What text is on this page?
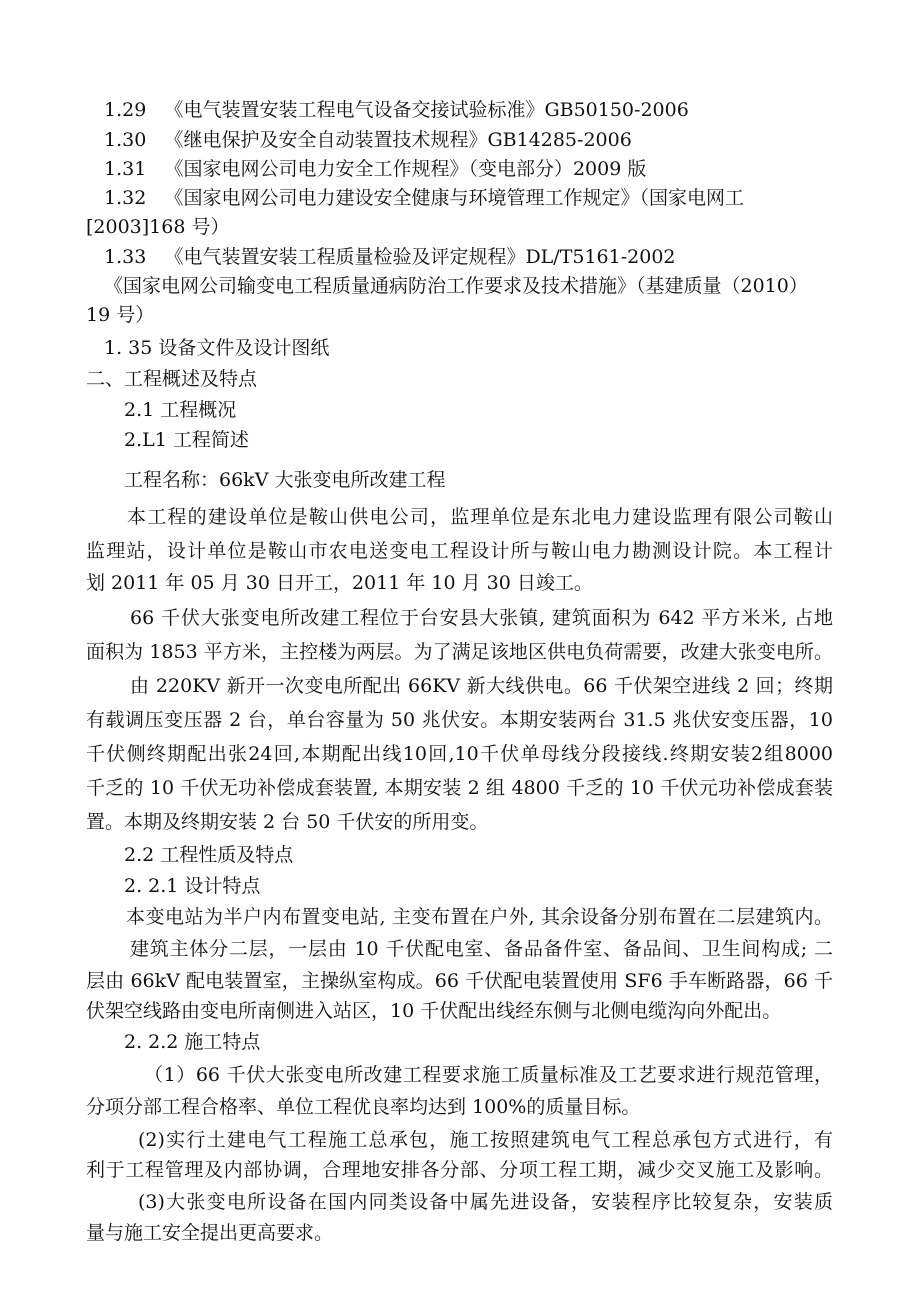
1.29 《电气装置安装工程电气设备交接试验标准》GB50150-2006
1.30 《继电保护及安全自动装置技术规程》GB14285-2006
1.31 《国家电网公司电力安全工作规程》（变电部分）2009 版
1.32 《国家电网公司电力建设安全健康与环境管理工作规定》（国家电网工
[2003]168 号）
1.33 《电气装置安装工程质量检验及评定规程》DL/T5161-2002
《国家电网公司输变电工程质量通病防治工作要求及技术措施》（基建质量（2010）
19 号）
1. 35 设备文件及设计图纸
二、工程概述及特点
2.1 工程概况
2.L1 工程简述
工程名称：66kV 大张变电所改建工程
本工程的建设单位是鞍山供电公司，监理单位是东北电力建设监理有限公司鞍山
监理站，设计单位是鞍山市农电送变电工程设计所与鞍山电力勘测设计院。本工程计
划 2011 年 05 月 30 日开工，2011 年 10 月 30 日竣工。
66 千伏大张变电所改建工程位于台安县大张镇, 建筑面积为 642 平方米米, 占地
面积为 1853 平方米，主控楼为两层。为了满足该地区供电负荷需要，改建大张变电所。
由 220KV 新开一次变电所配出 66KV 新大线供电。66 千伏架空进线 2 回；终期
有载调压变压器 2 台，单台容量为 50 兆伏安。本期安装两台 31.5 兆伏安变压器，10
千伏侧终期配出张24回,本期配出线10回,10千伏单母线分段接线.终期安装2组8000
千乏的 10 千伏无功补偿成套装置, 本期安装 2 组 4800 千乏的 10 千伏元功补偿成套装
置。本期及终期安装 2 台 50 千伏安的所用变。
2.2 工程性质及特点
2. 2.1 设计特点
本变电站为半户内布置变电站, 主变布置在户外, 其余设备分别布置在二层建筑内。
建筑主体分二层，一层由 10 千伏配电室、备品备件室、备品间、卫生间构成; 二
层由 66kV 配电装置室，主操纵室构成。66 千伏配电装置使用 SF6 手车断路器，66 千
伏架空线路由变电所南侧进入站区，10 千伏配出线经东侧与北侧电缆沟向外配出。
2. 2.2 施工特点
（1）66 千伏大张变电所改建工程要求施工质量标准及工艺要求进行规范管理，
分项分部工程合格率、单位工程优良率均达到 100%的质量目标。
(2)实行土建电气工程施工总承包，施工按照建筑电气工程总承包方式进行，有
利于工程管理及内部协调，合理地安排各分部、分项工程工期，减少交叉施工及影响。
(3)大张变电所设备在国内同类设备中属先进设备，安装程序比较复杂，安装质
量与施工安全提出更高要求。
